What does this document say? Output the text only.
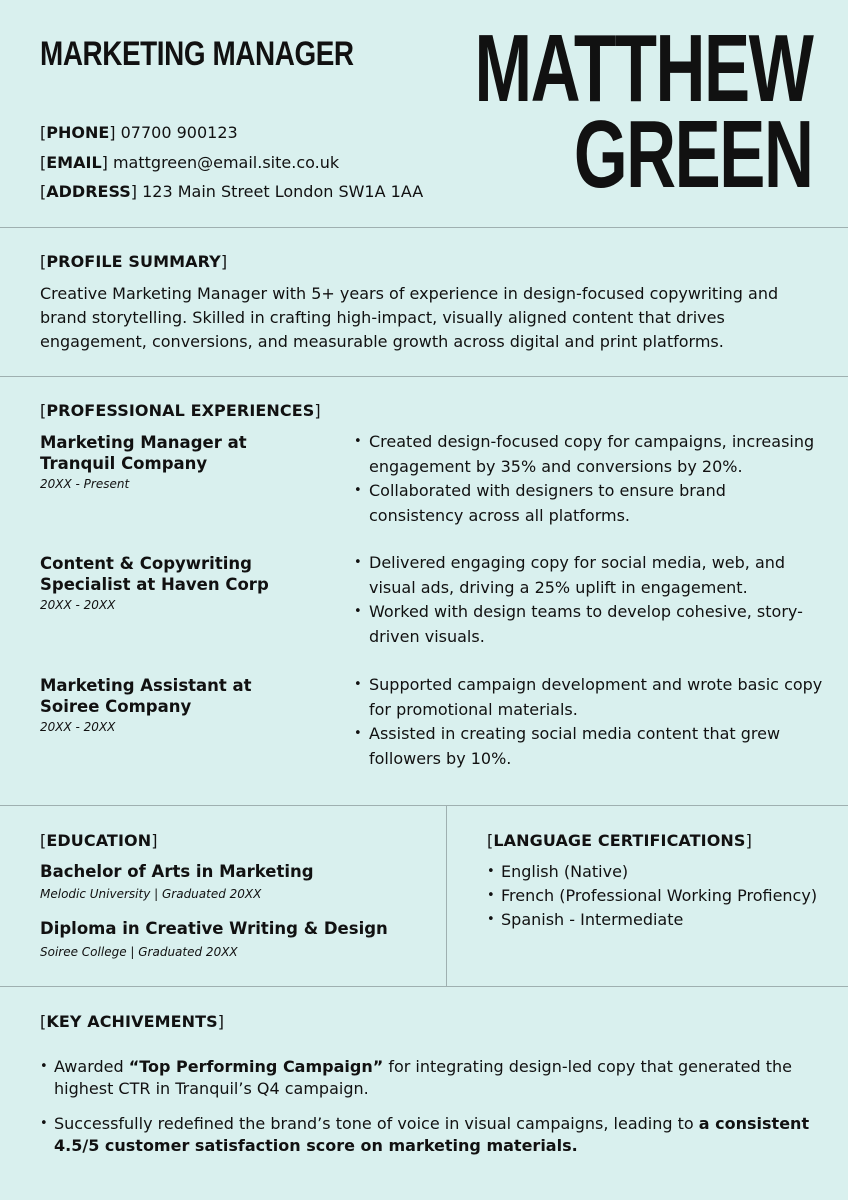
MARKETING MANAGER MATTHEW
GREEN
[PHONE] 07700 900123
[EMAIL] mattgreen@email.site.co.uk
[ADDRESS] 123 Main Street London SW1A 1AA
[PROFILE SUMMARY]
Creative Marketing Manager with 5+ years of experience in design-focused copywriting and brand storytelling. Skilled in crafting high-impact, visually aligned content that drives engagement, conversions, and measurable growth across digital and print platforms.
[PROFESSIONAL EXPERIENCES]
Marketing Manager at
Tranquil Company
20XX - Present
• Created design-focused copy for campaigns, increasing engagement by 35% and conversions by 20%.
• Collaborated with designers to ensure brand consistency across all platforms.
Content & Copywriting
Specialist at Haven Corp
20XX - 20XX
• Delivered engaging copy for social media, web, and visual ads, driving a 25% uplift in engagement.
• Worked with design teams to develop cohesive, story-driven visuals.
Marketing Assistant at
Soiree Company
20XX - 20XX
• Supported campaign development and wrote basic copy for promotional materials.
• Assisted in creating social media content that grew followers by 10%.
[EDUCATION]
Bachelor of Arts in Marketing
Melodic University | Graduated 20XX
Diploma in Creative Writing & Design
Soiree College | Graduated 20XX
[LANGUAGE CERTIFICATIONS]
• English (Native)
• French (Professional Working Profiency)
• Spanish - Intermediate
[KEY ACHIVEMENTS]
• Awarded “Top Performing Campaign” for integrating design-led copy that generated the highest CTR in Tranquil’s Q4 campaign.
• Successfully redefined the brand’s tone of voice in visual campaigns, leading to a consistent 4.5/5 customer satisfaction score on marketing materials.
